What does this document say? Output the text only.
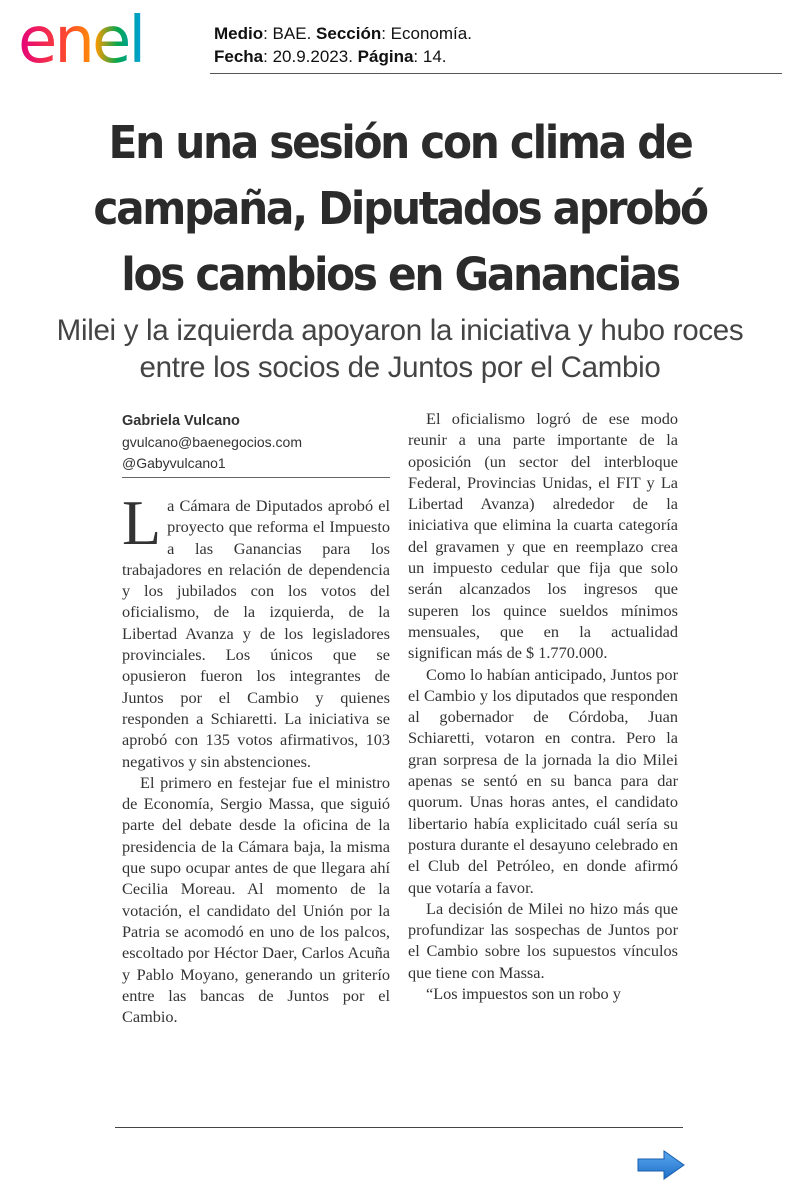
enel	Medio: BAE. Sección: Economía.
Fecha: 20.9.2023. Página: 14.
En una sesión con clima de campaña, Diputados aprobó los cambios en Ganancias
Milei y la izquierda apoyaron la iniciativa y hubo roces entre los socios de Juntos por el Cambio
Gabriela Vulcano
gvulcano@baenegocios.com
@Gabyvulcano1

La Cámara de Diputados aprobó el proyecto que reforma el Impuesto a las Ganancias para los trabajadores en relación de dependencia y los jubilados con los votos del oficialismo, de la izquierda, de la Libertad Avanza y de los legisladores provinciales. Los únicos que se opusieron fueron los integrantes de Juntos por el Cambio y quienes responden a Schiaretti. La iniciativa se aprobó con 135 votos afirmativos, 103 negativos y sin abstenciones.

El primero en festejar fue el ministro de Economía, Sergio Massa, que siguió parte del debate desde la oficina de la presidencia de la Cámara baja, la misma que supo ocupar antes de que llegara ahí Cecilia Moreau. Al momento de la votación, el candidato del Unión por la Patria se acomodó en uno de los palcos, escoltado por Héctor Daer, Carlos Acuña y Pablo Moyano, generando un griterío entre las bancas de Juntos por el Cambio.

El oficialismo logró de ese modo reunir a una parte importante de la oposición (un sector del interbloque Federal, Provincias Unidas, el FIT y La Libertad Avanza) alrededor de la iniciativa que elimina la cuarta categoría del gravamen y que en reemplazo crea un impuesto cedular que fija que solo serán alcanzados los ingresos que superen los quince sueldos mínimos mensuales, que en la actualidad significan más de $ 1.770.000.

Como lo habían anticipado, Juntos por el Cambio y los diputados que responden al gobernador de Córdoba, Juan Schiaretti, votaron en contra. Pero la gran sorpresa de la jornada la dio Milei apenas se sentó en su banca para dar quorum. Unas horas antes, el candidato libertario había explicitado cuál sería su postura durante el desayuno celebrado en el Club del Petróleo, en donde afirmó que votaría a favor.

La decisión de Milei no hizo más que profundizar las sospechas de Juntos por el Cambio sobre los supuestos vínculos que tiene con Massa.

“Los impuestos son un robo y
